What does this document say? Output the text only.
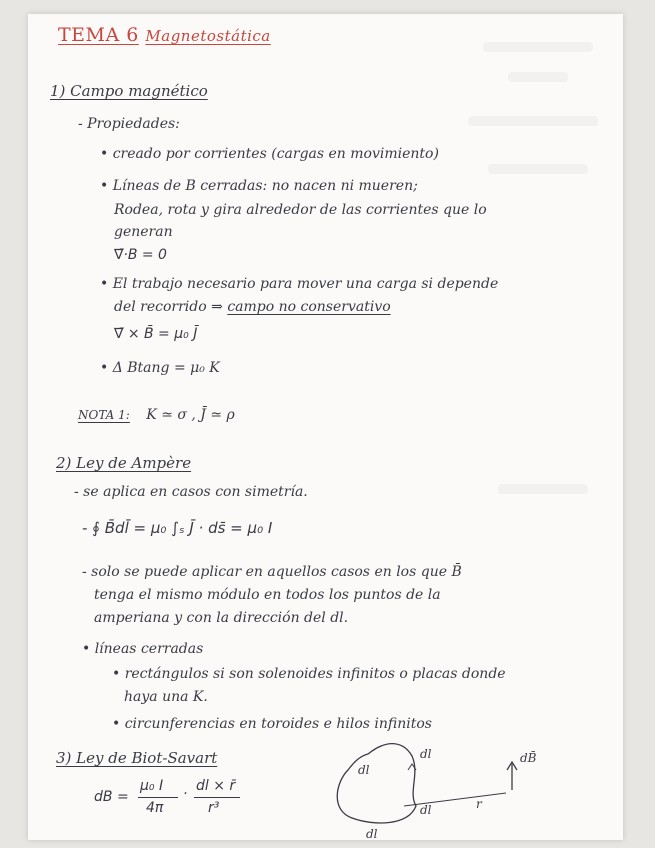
TEMA 6 Magnetostática
1) Campo magnético
- Propiedades:
• creado por corrientes (cargas en movimiento)
• Líneas de B cerradas: no nacen ni mueren;
Rodea, rota y gira alrededor de las corrientes que lo
generan
∇̄·B = 0
• El trabajo necesario para mover una carga si depende
del recorrido ⇒ campo no conservativo
∇̄ × B̄ = μ₀ J̄
• Δ Btang = μ₀ K
NOTA 1: K ≃ σ , J̄ ≃ ρ
2) Ley de Ampère
- se aplica en casos con simetría.
- ∮ B̄dl̄ = μ₀ ∫ₛ J̄ · ds̄ = μ₀ I
- solo se puede aplicar en aquellos casos en los que B̄
tenga el mismo módulo en todos los puntos de la
amperiana y con la dirección del dl.
• líneas cerradas
• rectángulos si son solenoides infinitos o placas donde
haya una K.
• circunferencias en toroides e hilos infinitos
3) Ley de Biot-Savart
dB =
μ₀ I
4π
· dl × r̄
r³
dl
dl
dl
dl
r
dB̄
